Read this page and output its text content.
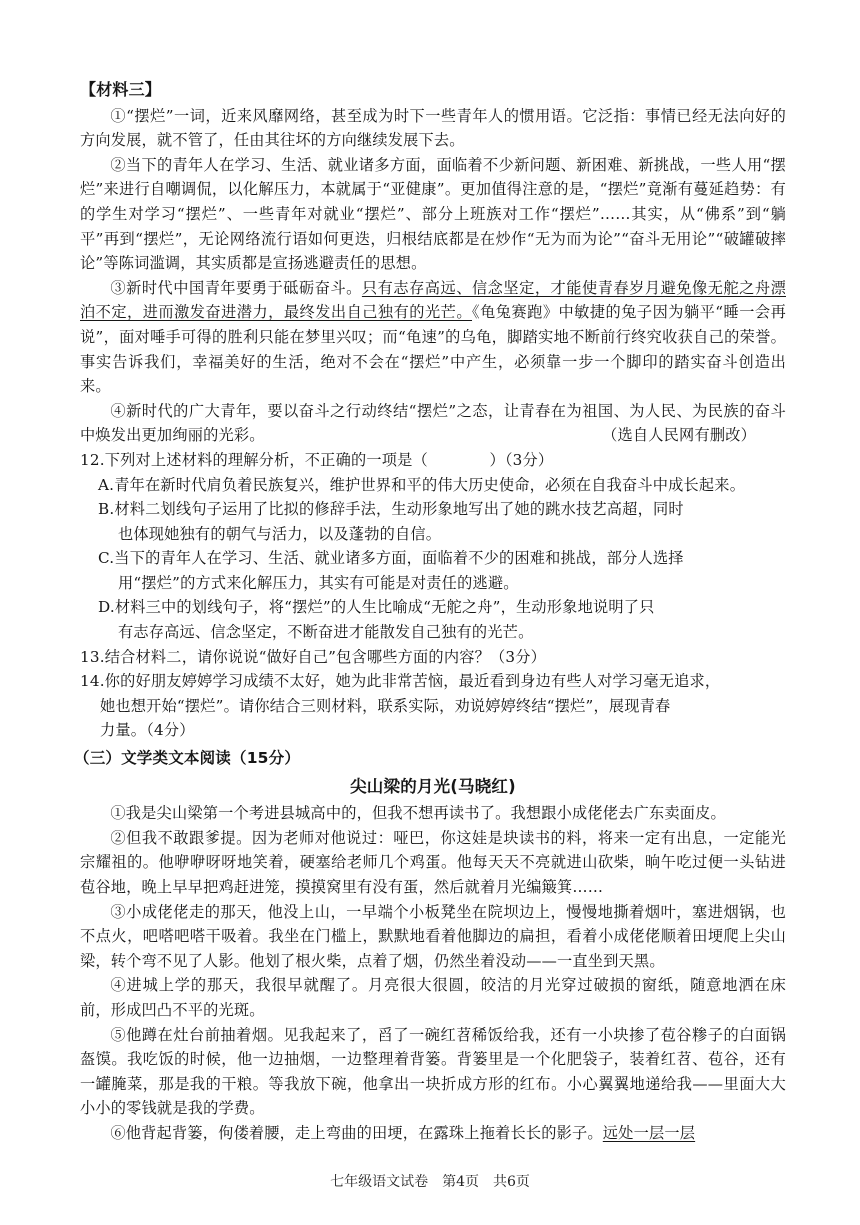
【材料三】

①“摆烂”一词，近来风靡网络，甚至成为时下一些青年人的惯用语。它泛指：事情已经无法向好的方向发展，就不管了，任由其往坏的方向继续发展下去。

②当下的青年人在学习、生活、就业诸多方面，面临着不少新问题、新困难、新挑战，一些人用“摆烂”来进行自嘲调侃，以化解压力，本就属于“亚健康”。更加值得注意的是，“摆烂”竟渐有蔓延趋势：有的学生对学习“摆烂”、一些青年对就业“摆烂”、部分上班族对工作“摆烂”……其实，从“佛系”到“躺平”再到“摆烂”，无论网络流行语如何更迭，归根结底都是在炒作“无为而为论”“奋斗无用论”“破罐破摔论”等陈词滥调，其实质都是宣扬逃避责任的思想。

③新时代中国青年要勇于砥砺奋斗。只有志存高远、信念坚定，才能使青春岁月避免像无舵之舟漂泊不定，进而激发奋进潜力，最终发出自己独有的光芒。《龟兔赛跑》中敏捷的兔子因为躺平“睡一会再说”，面对唾手可得的胜利只能在梦里兴叹；而“龟速”的乌龟，脚踏实地不断前行终究收获自己的荣誉。事实告诉我们，幸福美好的生活，绝对不会在“摆烂”中产生，必须靠一步一个脚印的踏实奋斗创造出来。

④新时代的广大青年，要以奋斗之行动终结“摆烂”之态，让青春在为祖国、为人民、为民族的奋斗中焕发出更加绚丽的光彩。	（选自人民网有删改）

12.下列对上述材料的理解分析，不正确的一项是（　　　　）（3分）

A.青年在新时代肩负着民族复兴，维护世界和平的伟大历史使命，必须在自我奋斗中成长起来。

B.材料二划线句子运用了比拟的修辞手法，生动形象地写出了她的跳水技艺高超，同时
也体现她独有的朝气与活力，以及蓬勃的自信。

C.当下的青年人在学习、生活、就业诸多方面，面临着不少的困难和挑战，部分人选择
用“摆烂”的方式来化解压力，其实有可能是对责任的逃避。

D.材料三中的划线句子，将“摆烂”的人生比喻成“无舵之舟”，生动形象地说明了只
有志存高远、信念坚定，不断奋进才能散发自己独有的光芒。

13.结合材料二，请你说说“做好自己”包含哪些方面的内容？（3分）

14.你的好朋友婷婷学习成绩不太好，她为此非常苦恼，最近看到身边有些人对学习毫无追求，
她也想开始“摆烂”。请你结合三则材料，联系实际，劝说婷婷终结“摆烂”，展现青春
力量。（4分）

（三）文学类文本阅读（15分）
尖山梁的月光(马晓红)

①我是尖山梁第一个考进县城高中的，但我不想再读书了。我想跟小成佬佬去广东卖面皮。

②但我不敢跟爹提。因为老师对他说过：哑巴，你这娃是块读书的料，将来一定有出息，一定能光宗耀祖的。他咿咿呀呀地笑着，硬塞给老师几个鸡蛋。他每天天不亮就进山砍柴，晌午吃过便一头钻进苞谷地，晚上早早把鸡赶进笼，摸摸窝里有没有蛋，然后就着月光编簸箕……

③小成佬佬走的那天，他没上山，一早端个小板凳坐在院坝边上，慢慢地撕着烟叶，塞进烟锅，也不点火，吧嗒吧嗒干吸着。我坐在门槛上，默默地看着他脚边的扁担，看着小成佬佬顺着田埂爬上尖山梁，转个弯不见了人影。他划了根火柴，点着了烟，仍然坐着没动——一直坐到天黑。

④进城上学的那天，我很早就醒了。月亮很大很圆，皎洁的月光穿过破损的窗纸，随意地洒在床前，形成凹凸不平的光斑。

⑤他蹲在灶台前抽着烟。见我起来了，舀了一碗红苕稀饭给我，还有一小块掺了苞谷糁子的白面锅盔馍。我吃饭的时候，他一边抽烟，一边整理着背篓。背篓里是一个化肥袋子，装着红苕、苞谷，还有一罐腌菜，那是我的干粮。等我放下碗，他拿出一块折成方形的红布。小心翼翼地递给我——里面大大小小的零钱就是我的学费。

⑥他背起背篓，佝偻着腰，走上弯曲的田埂，在露珠上拖着长长的影子。远处一层一层

七年级语文试卷　第4页　共6页
